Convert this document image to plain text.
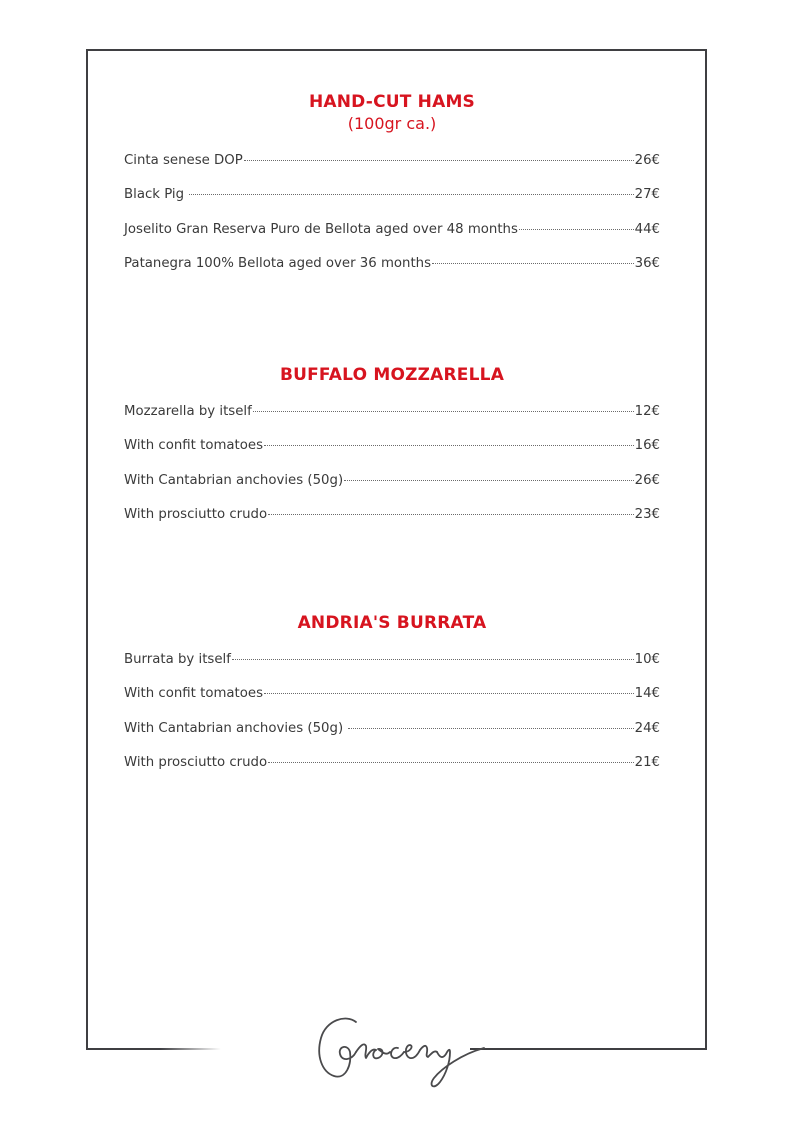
HAND-CUT HAMS
(100gr ca.)
Cinta senese DOP	26€
Black Pig	27€
Joselito Gran Reserva Puro de Bellota aged over 48 months	44€
Patanegra 100% Bellota aged over 36 months	36€
BUFFALO MOZZARELLA
Mozzarella by itself	12€
With confit tomatoes	16€
With Cantabrian anchovies (50g)	26€
With prosciutto crudo	23€
ANDRIA'S BURRATA
Burrata by itself	10€
With confit tomatoes	14€
With Cantabrian anchovies (50g)	24€
With prosciutto crudo	21€
